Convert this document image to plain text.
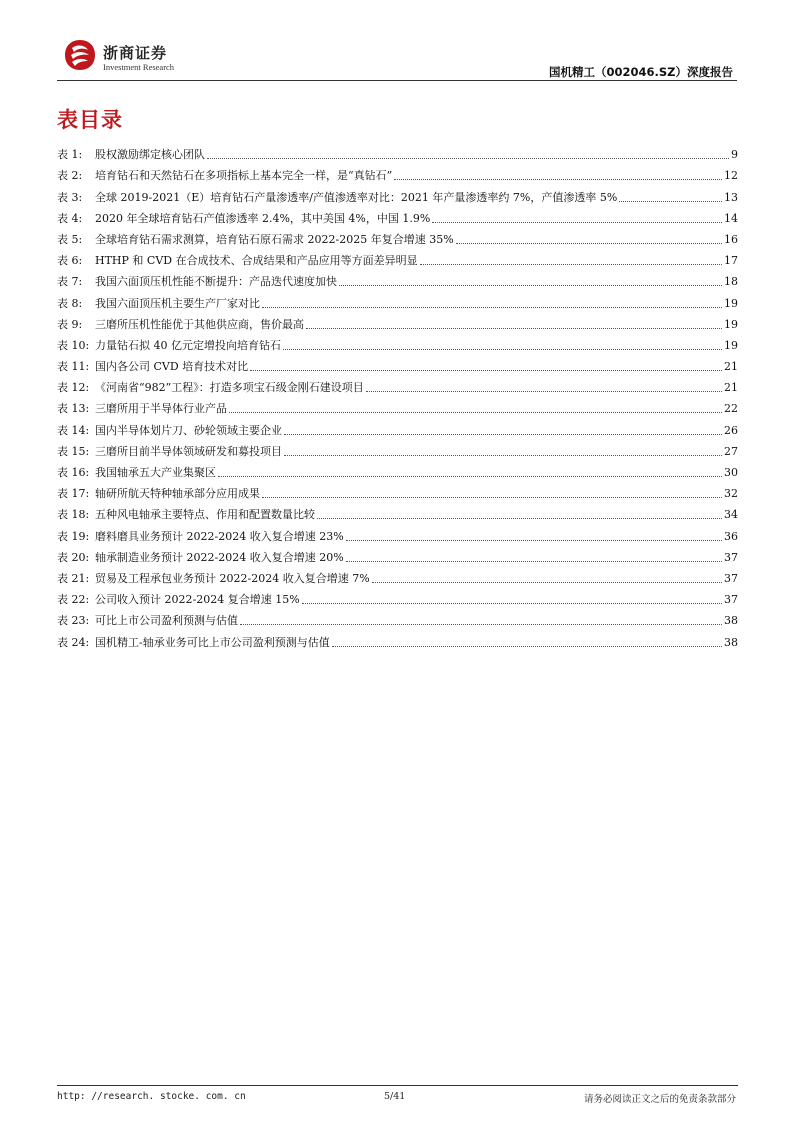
浙商证券
Investment Research	国机精工（002046.SZ）深度报告
表目录
表 1: 股权激励绑定核心团队	9
表 2: 培育钻石和天然钻石在多项指标上基本完全一样，是“真钻石”	12
表 3: 全球 2019-2021（E）培育钻石产量渗透率/产值渗透率对比：2021 年产量渗透率约 7%，产值渗透率 5%	13
表 4: 2020 年全球培育钻石产值渗透率 2.4%，其中美国 4%，中国 1.9%	14
表 5: 全球培育钻石需求测算，培育钻石原石需求 2022-2025 年复合增速 35%	16
表 6: HTHP 和 CVD 在合成技术、合成结果和产品应用等方面差异明显	17
表 7: 我国六面顶压机性能不断提升：产品迭代速度加快	18
表 8: 我国六面顶压机主要生产厂家对比	19
表 9: 三磨所压机性能优于其他供应商，售价最高	19
表 10: 力量钻石拟 40 亿元定增投向培育钻石	19
表 11: 国内各公司 CVD 培育技术对比	21
表 12: 《河南省“982”工程》：打造多项宝石级金刚石建设项目	21
表 13: 三磨所用于半导体行业产品	22
表 14: 国内半导体划片刀、砂轮领域主要企业	26
表 15: 三磨所目前半导体领域研发和募投项目	27
表 16: 我国轴承五大产业集聚区	30
表 17: 轴研所航天特种轴承部分应用成果	32
表 18: 五种风电轴承主要特点、作用和配置数量比较	34
表 19: 磨料磨具业务预计 2022-2024 收入复合增速 23%	36
表 20: 轴承制造业务预计 2022-2024 收入复合增速 20%	37
表 21: 贸易及工程承包业务预计 2022-2024 收入复合增速 7%	37
表 22: 公司收入预计 2022-2024 复合增速 15%	37
表 23: 可比上市公司盈利预测与估值	38
表 24: 国机精工-轴承业务可比上市公司盈利预测与估值	38
http: //research. stocke. com. cn	5/41	请务必阅读正文之后的免责条款部分
